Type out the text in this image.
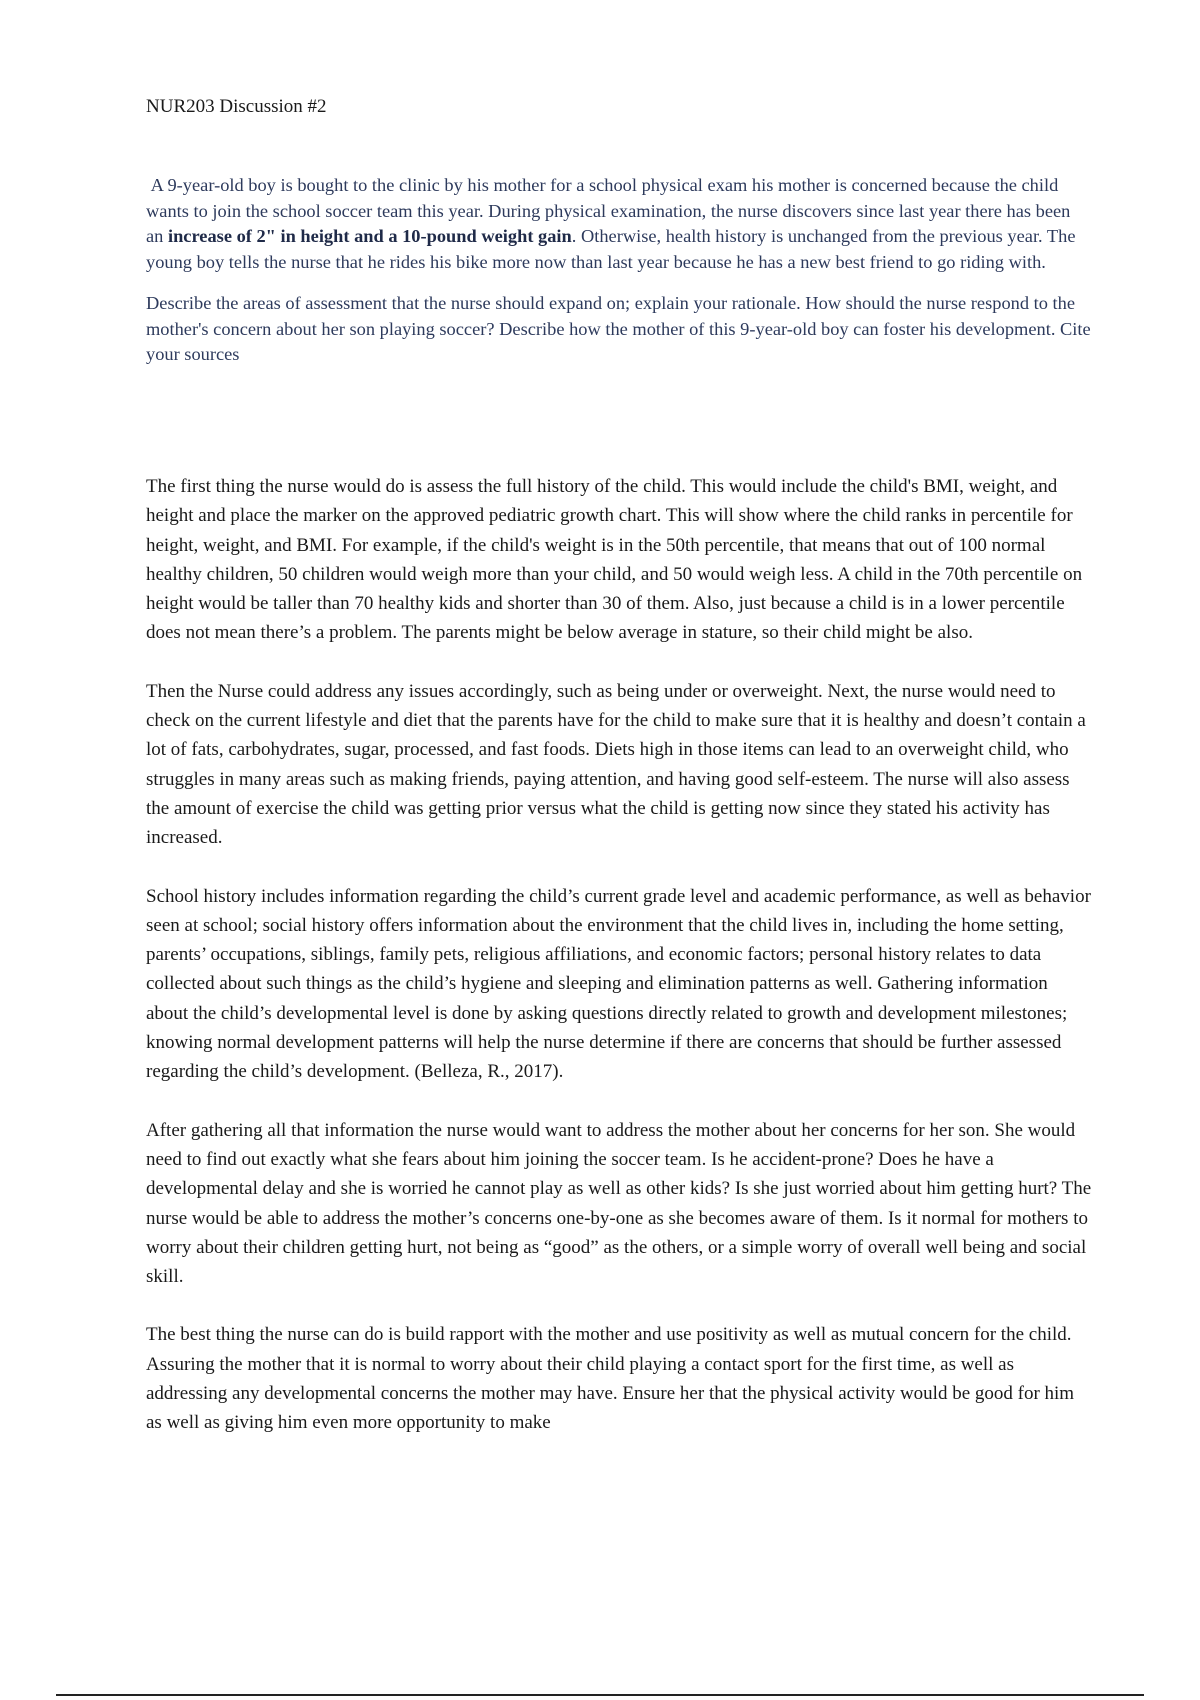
NUR203 Discussion #2

A 9-year-old boy is bought to the clinic by his mother for a school physical exam his mother is concerned because the child wants to join the school soccer team this year. During physical examination, the nurse discovers since last year there has been an increase of 2" in height and a 10-pound weight gain. Otherwise, health history is unchanged from the previous year. The young boy tells the nurse that he rides his bike more now than last year because he has a new best friend to go riding with.

Describe the areas of assessment that the nurse should expand on; explain your rationale. How should the nurse respond to the mother's concern about her son playing soccer? Describe how the mother of this 9-year-old boy can foster his development. Cite your sources

The first thing the nurse would do is assess the full history of the child. This would include the child's BMI, weight, and height and place the marker on the approved pediatric growth chart. This will show where the child ranks in percentile for height, weight, and BMI. For example, if the child's weight is in the 50th percentile, that means that out of 100 normal healthy children, 50 children would weigh more than your child, and 50 would weigh less. A child in the 70th percentile on height would be taller than 70 healthy kids and shorter than 30 of them. Also, just because a child is in a lower percentile does not mean there’s a problem. The parents might be below average in stature, so their child might be also.

Then the Nurse could address any issues accordingly, such as being under or overweight. Next, the nurse would need to check on the current lifestyle and diet that the parents have for the child to make sure that it is healthy and doesn’t contain a lot of fats, carbohydrates, sugar, processed, and fast foods. Diets high in those items can lead to an overweight child, who struggles in many areas such as making friends, paying attention, and having good self-esteem. The nurse will also assess the amount of exercise the child was getting prior versus what the child is getting now since they stated his activity has increased.

School history includes information regarding the child’s current grade level and academic performance, as well as behavior seen at school; social history offers information about the environment that the child lives in, including the home setting, parents’ occupations, siblings, family pets, religious affiliations, and economic factors; personal history relates to data collected about such things as the child’s hygiene and sleeping and elimination patterns as well. Gathering information about the child’s developmental level is done by asking questions directly related to growth and development milestones; knowing normal development patterns will help the nurse determine if there are concerns that should be further assessed regarding the child’s development. (Belleza, R., 2017).

After gathering all that information the nurse would want to address the mother about her concerns for her son. She would need to find out exactly what she fears about him joining the soccer team. Is he accident-prone? Does he have a developmental delay and she is worried he cannot play as well as other kids? Is she just worried about him getting hurt? The nurse would be able to address the mother’s concerns one-by-one as she becomes aware of them. Is it normal for mothers to worry about their children getting hurt, not being as “good” as the others, or a simple worry of overall well being and social skill.

The best thing the nurse can do is build rapport with the mother and use positivity as well as mutual concern for the child. Assuring the mother that it is normal to worry about their child playing a contact sport for the first time, as well as addressing any developmental concerns the mother may have. Ensure her that the physical activity would be good for him as well as giving him even more opportunity to make
